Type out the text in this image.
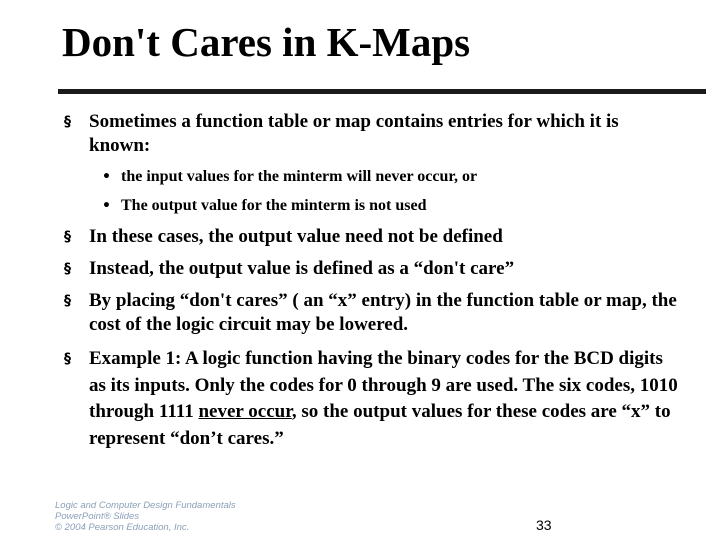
Don't Cares in K-Maps
§ Sometimes a function table or map contains entries for which it is known:
• the input values for the minterm will never occur, or
• The output value for the minterm is not used
§ In these cases, the output value need not be defined
§ Instead, the output value is defined as a “don't care”
§ By placing “don't cares” ( an “x” entry) in the function table or map, the cost of the logic circuit may be lowered.
§ Example 1: A logic function having the binary codes for the BCD digits as its inputs. Only the codes for 0 through 9 are used. The six codes, 1010 through 1111 never occur, so the output values for these codes are “x” to represent “don’t cares.”
Logic and Computer Design Fundamentals
PowerPoint® Slides
© 2004 Pearson Education, Inc.	33
